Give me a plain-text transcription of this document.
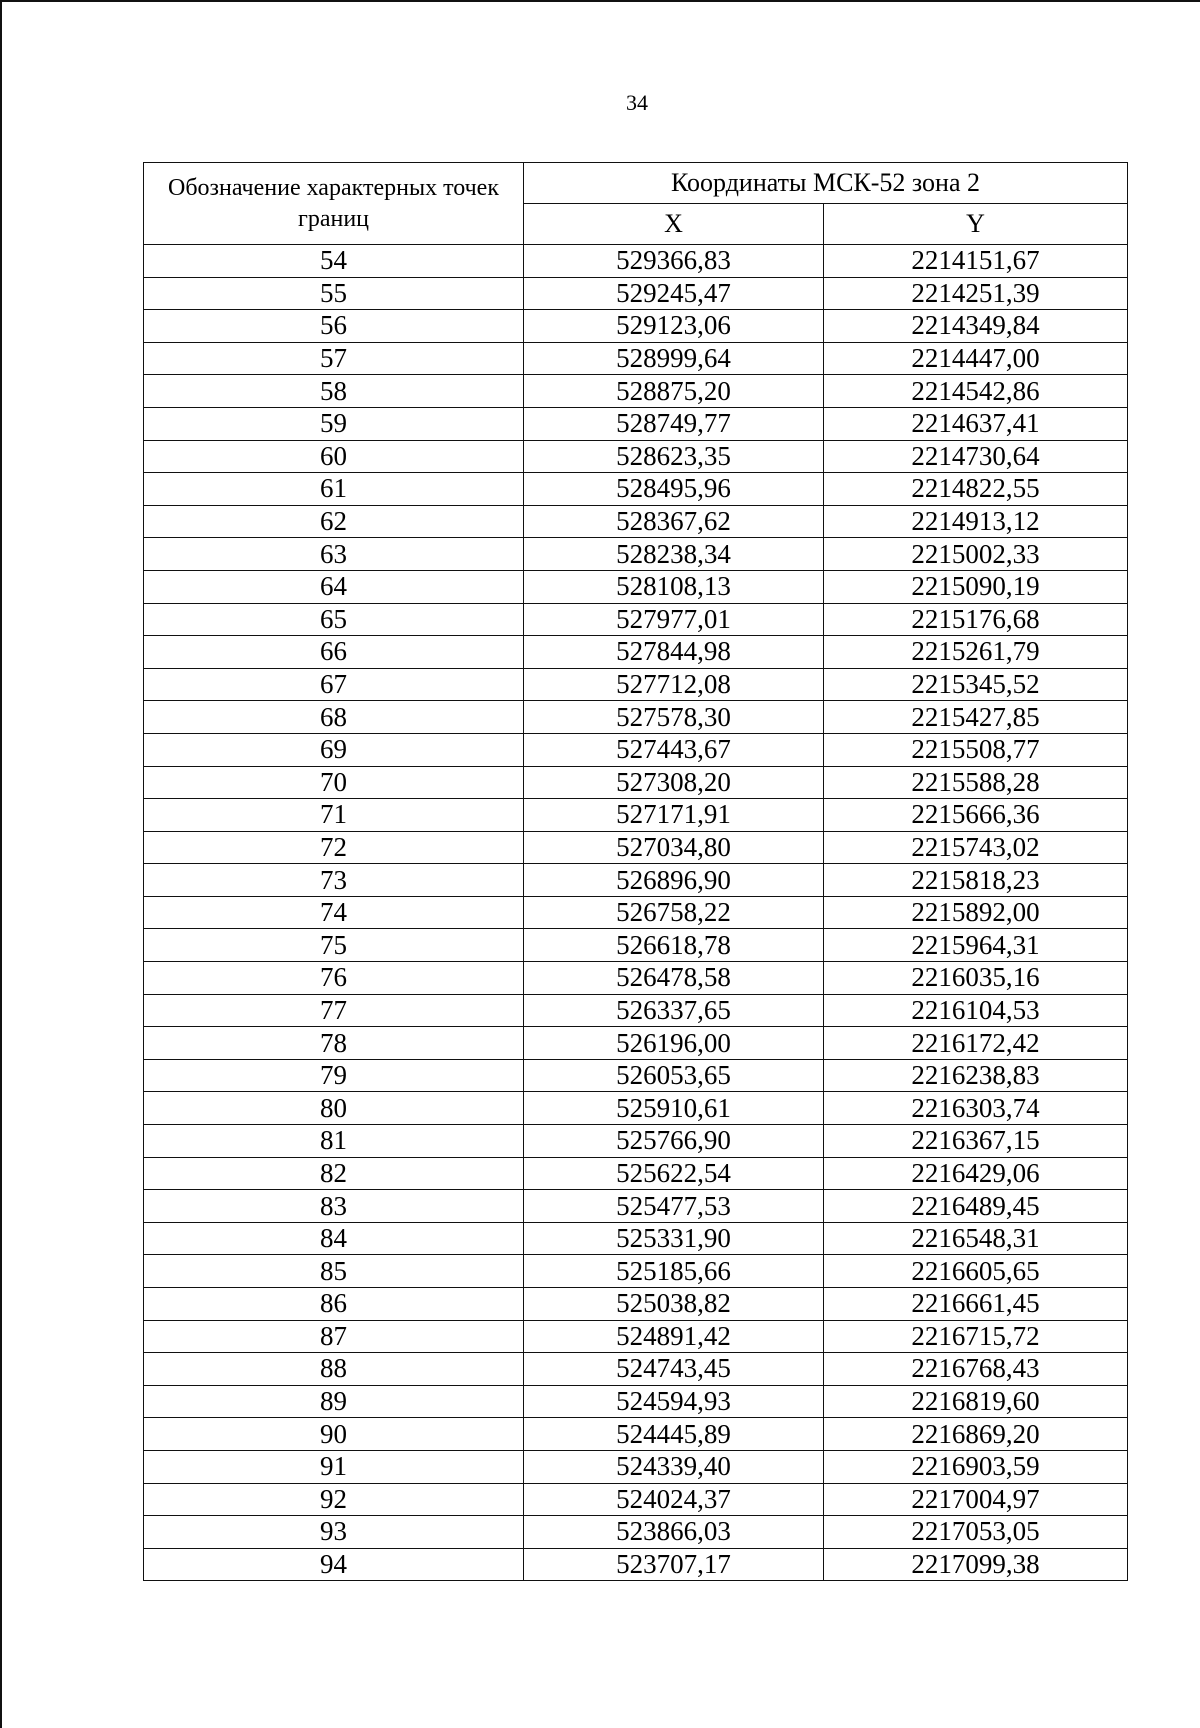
34
Обозначение характерных точек границ	Координаты МСК-52 зона 2	
	X	Y
54	529366,83	2214151,67
55	529245,47	2214251,39
56	529123,06	2214349,84
57	528999,64	2214447,00
58	528875,20	2214542,86
59	528749,77	2214637,41
60	528623,35	2214730,64
61	528495,96	2214822,55
62	528367,62	2214913,12
63	528238,34	2215002,33
64	528108,13	2215090,19
65	527977,01	2215176,68
66	527844,98	2215261,79
67	527712,08	2215345,52
68	527578,30	2215427,85
69	527443,67	2215508,77
70	527308,20	2215588,28
71	527171,91	2215666,36
72	527034,80	2215743,02
73	526896,90	2215818,23
74	526758,22	2215892,00
75	526618,78	2215964,31
76	526478,58	2216035,16
77	526337,65	2216104,53
78	526196,00	2216172,42
79	526053,65	2216238,83
80	525910,61	2216303,74
81	525766,90	2216367,15
82	525622,54	2216429,06
83	525477,53	2216489,45
84	525331,90	2216548,31
85	525185,66	2216605,65
86	525038,82	2216661,45
87	524891,42	2216715,72
88	524743,45	2216768,43
89	524594,93	2216819,60
90	524445,89	2216869,20
91	524339,40	2216903,59
92	524024,37	2217004,97
93	523866,03	2217053,05
94	523707,17	2217099,38
